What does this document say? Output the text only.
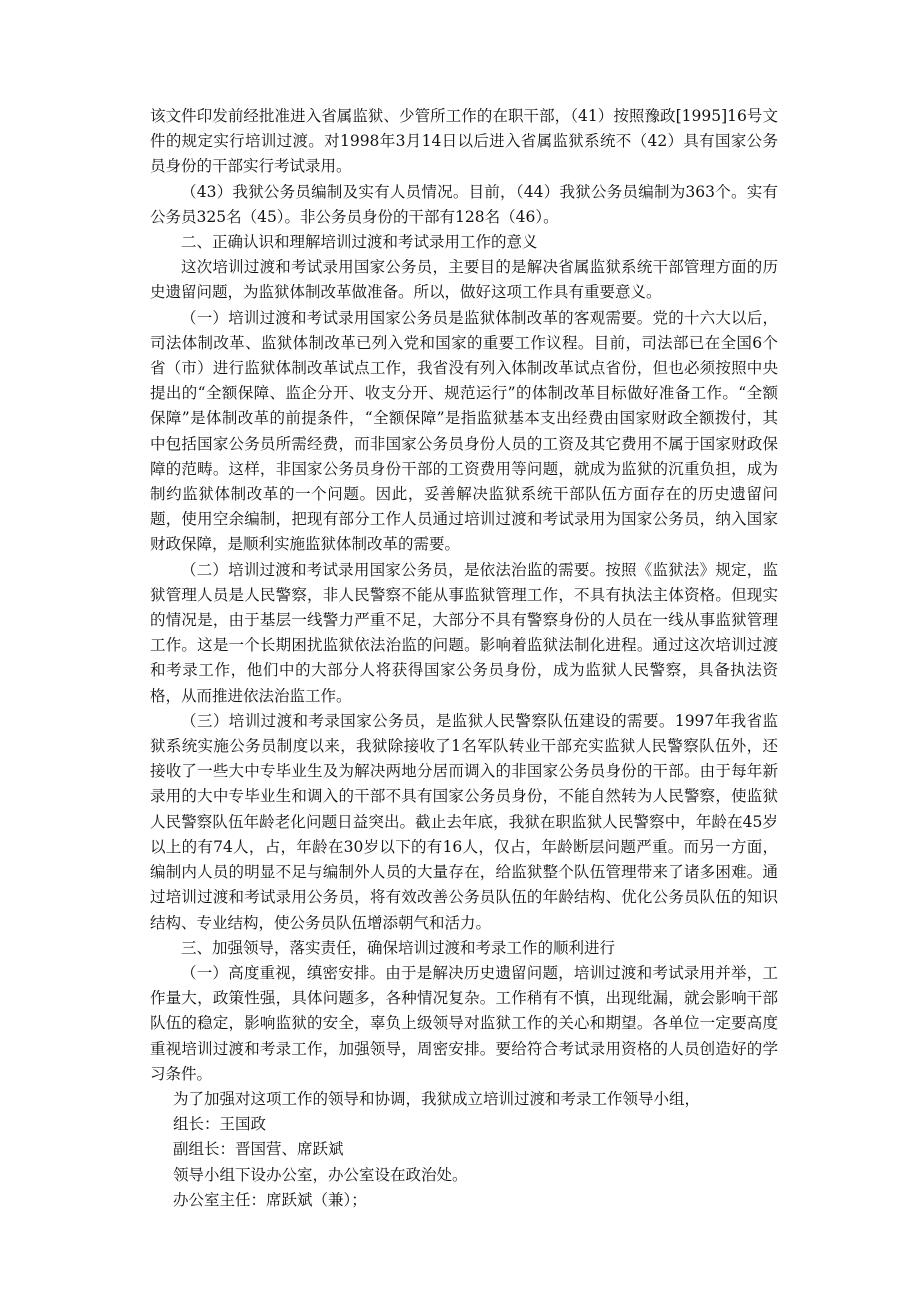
该文件印发前经批准进入省属监狱、少管所工作的在职干部，（41）按照豫政[1995]16号文件的规定实行培训过渡。对1998年3月14日以后进入省属监狱系统不（42）具有国家公务员身份的干部实行考试录用。

（43）我狱公务员编制及实有人员情况。目前，（44）我狱公务员编制为363个。实有公务员325名（45）。非公务员身份的干部有128名（46）。

二、正确认识和理解培训过渡和考试录用工作的意义

这次培训过渡和考试录用国家公务员，主要目的是解决省属监狱系统干部管理方面的历史遗留问题，为监狱体制改革做准备。所以，做好这项工作具有重要意义。

（一）培训过渡和考试录用国家公务员是监狱体制改革的客观需要。党的十六大以后，司法体制改革、监狱体制改革已列入党和国家的重要工作议程。目前，司法部已在全国6个省（市）进行监狱体制改革试点工作，我省没有列入体制改革试点省份，但也必须按照中央提出的“全额保障、监企分开、收支分开、规范运行”的体制改革目标做好准备工作。“全额保障”是体制改革的前提条件，“全额保障”是指监狱基本支出经费由国家财政全额拨付，其中包括国家公务员所需经费，而非国家公务员身份人员的工资及其它费用不属于国家财政保障的范畴。这样，非国家公务员身份干部的工资费用等问题，就成为监狱的沉重负担，成为制约监狱体制改革的一个问题。因此，妥善解决监狱系统干部队伍方面存在的历史遗留问题，使用空余编制，把现有部分工作人员通过培训过渡和考试录用为国家公务员，纳入国家财政保障，是顺利实施监狱体制改革的需要。

（二）培训过渡和考试录用国家公务员，是依法治监的需要。按照《监狱法》规定，监狱管理人员是人民警察，非人民警察不能从事监狱管理工作，不具有执法主体资格。但现实的情况是，由于基层一线警力严重不足，大部分不具有警察身份的人员在一线从事监狱管理工作。这是一个长期困扰监狱依法治监的问题。影响着监狱法制化进程。通过这次培训过渡和考录工作，他们中的大部分人将获得国家公务员身份，成为监狱人民警察，具备执法资格，从而推进依法治监工作。

（三）培训过渡和考录国家公务员，是监狱人民警察队伍建设的需要。1997年我省监狱系统实施公务员制度以来，我狱除接收了1名军队转业干部充实监狱人民警察队伍外，还接收了一些大中专毕业生及为解决两地分居而调入的非国家公务员身份的干部。由于每年新录用的大中专毕业生和调入的干部不具有国家公务员身份，不能自然转为人民警察，使监狱人民警察队伍年龄老化问题日益突出。截止去年底，我狱在职监狱人民警察中，年龄在45岁以上的有74人，占，年龄在30岁以下的有16人，仅占，年龄断层问题严重。而另一方面，编制内人员的明显不足与编制外人员的大量存在，给监狱整个队伍管理带来了诸多困难。通过培训过渡和考试录用公务员，将有效改善公务员队伍的年龄结构、优化公务员队伍的知识结构、专业结构，使公务员队伍增添朝气和活力。

三、加强领导，落实责任，确保培训过渡和考录工作的顺利进行

（一）高度重视，缜密安排。由于是解决历史遗留问题，培训过渡和考试录用并举，工作量大，政策性强，具体问题多，各种情况复杂。工作稍有不慎，出现纰漏，就会影响干部队伍的稳定，影响监狱的安全，辜负上级领导对监狱工作的关心和期望。各单位一定要高度重视培训过渡和考录工作，加强领导，周密安排。要给符合考试录用资格的人员创造好的学习条件。

为了加强对这项工作的领导和协调，我狱成立培训过渡和考录工作领导小组，

组长：王国政

副组长：晋国营、席跃斌

领导小组下设办公室，办公室设在政治处。

办公室主任：席跃斌（兼）；
